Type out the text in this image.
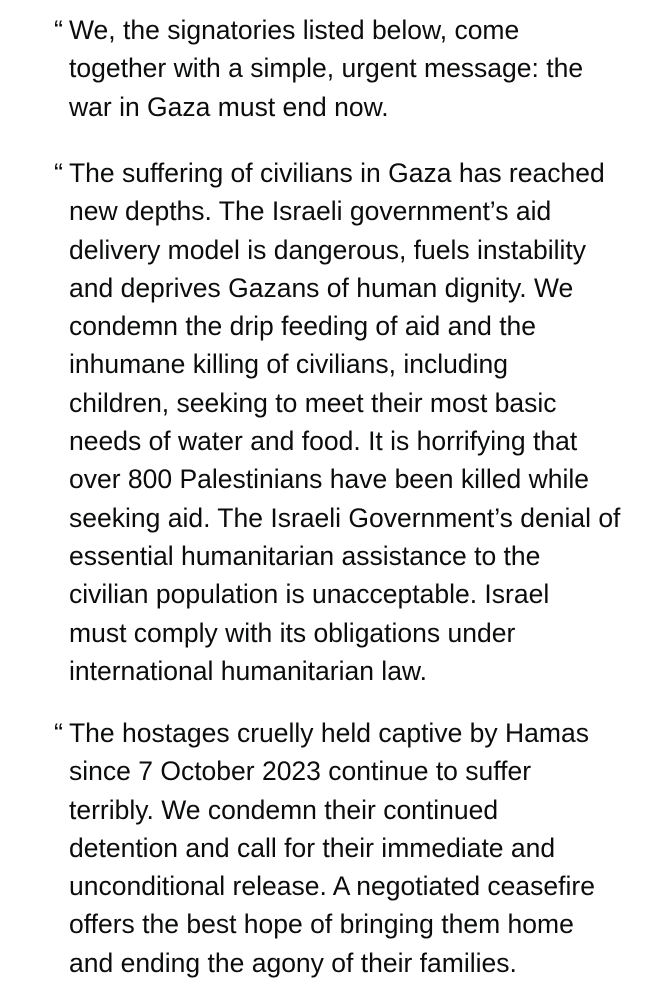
“ We, the signatories listed below, come
together with a simple, urgent message: the
war in Gaza must end now.

“ The suffering of civilians in Gaza has reached
new depths. The Israeli government’s aid
delivery model is dangerous, fuels instability
and deprives Gazans of human dignity. We
condemn the drip feeding of aid and the
inhumane killing of civilians, including
children, seeking to meet their most basic
needs of water and food. It is horrifying that
over 800 Palestinians have been killed while
seeking aid. The Israeli Government’s denial of
essential humanitarian assistance to the
civilian population is unacceptable. Israel
must comply with its obligations under
international humanitarian law.

“ The hostages cruelly held captive by Hamas
since 7 October 2023 continue to suffer
terribly. We condemn their continued
detention and call for their immediate and
unconditional release. A negotiated ceasefire
offers the best hope of bringing them home
and ending the agony of their families.
